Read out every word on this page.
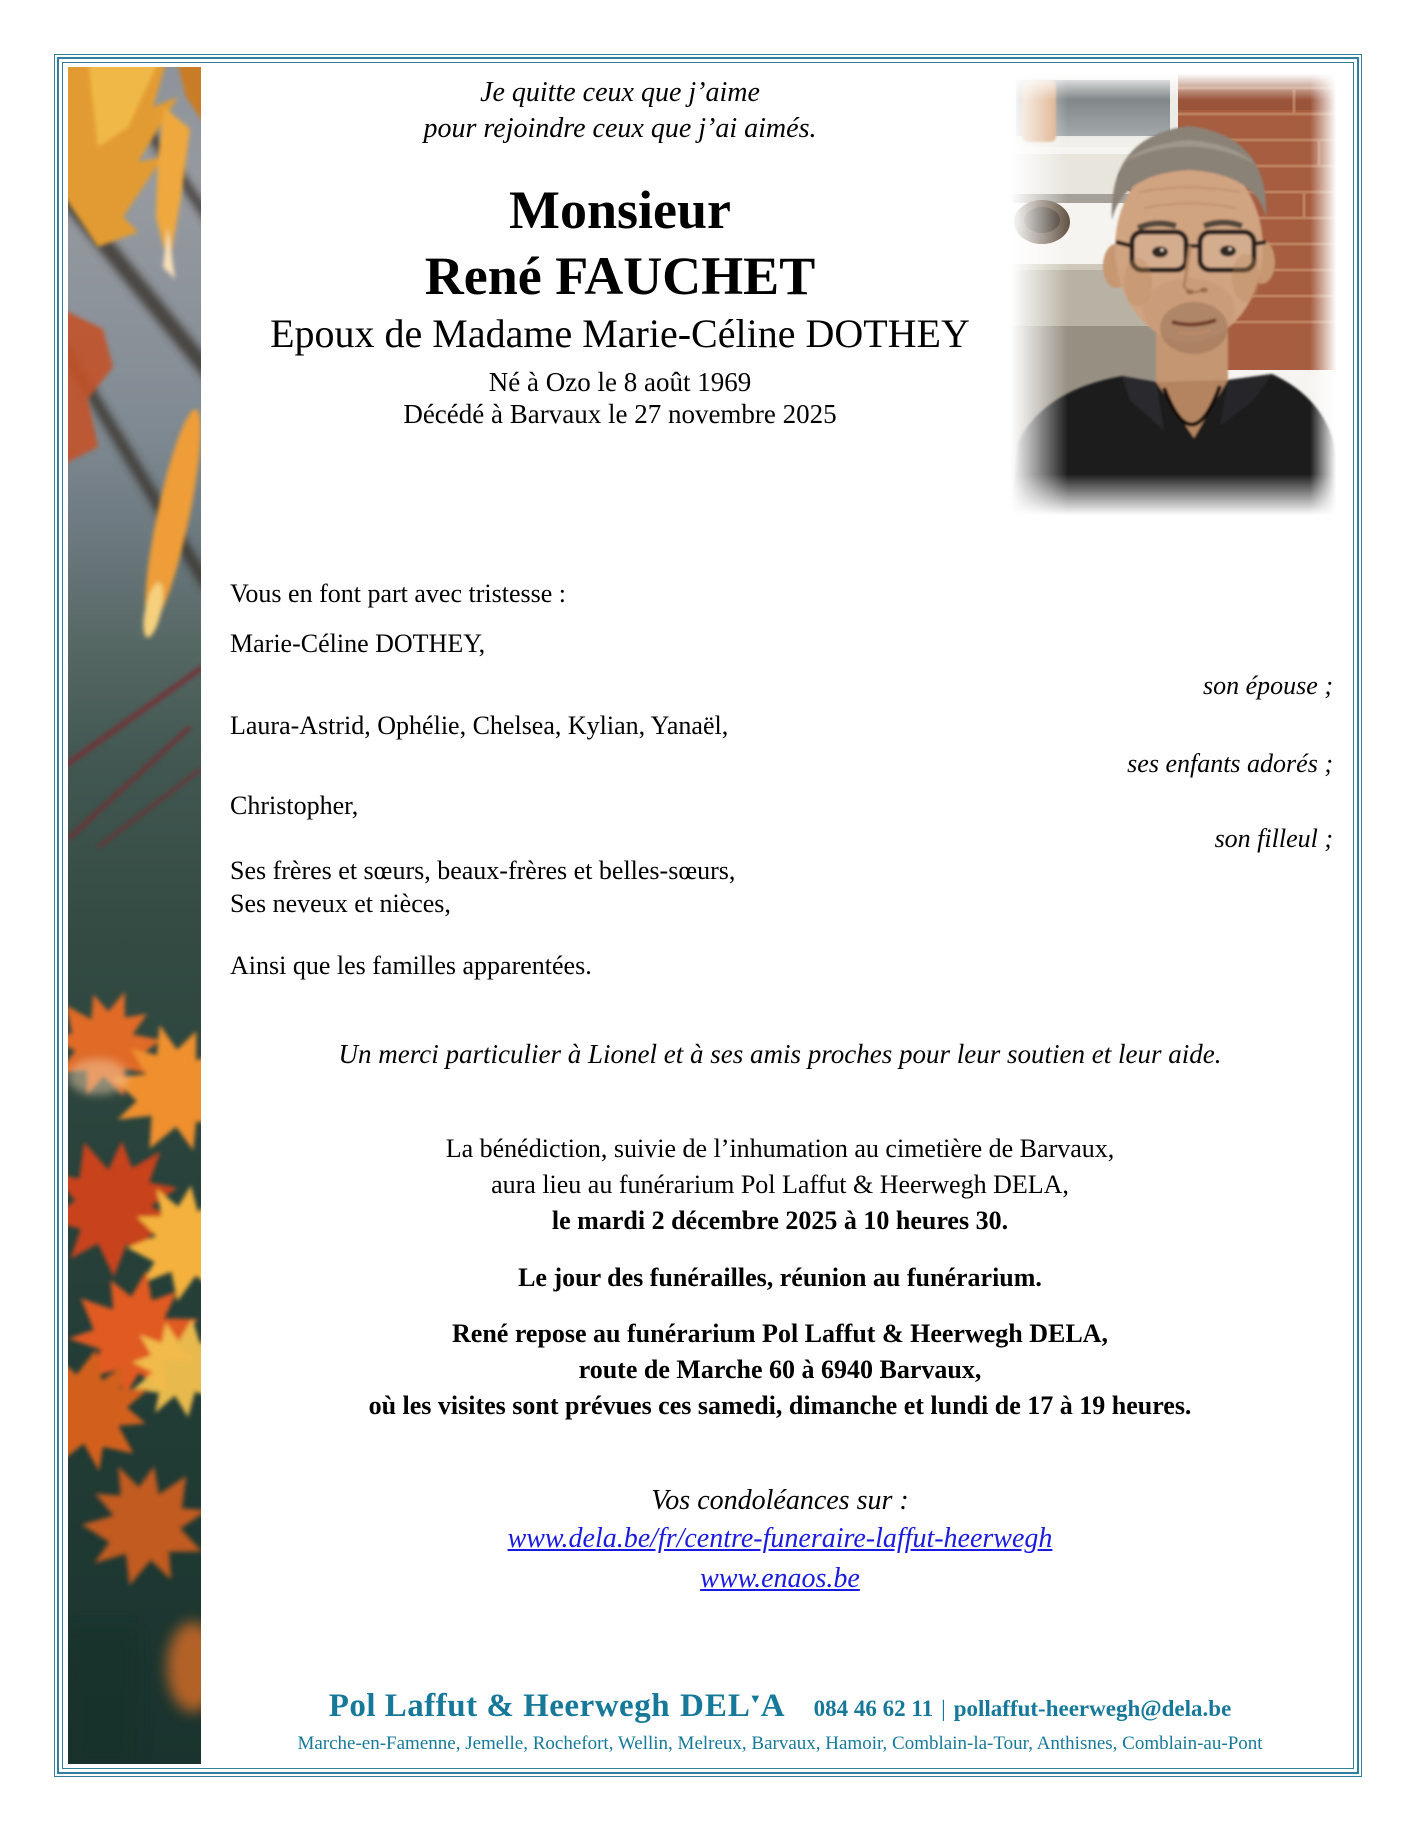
Je quitte ceux que j’aime
pour rejoindre ceux que j’ai aimés.
Monsieur
René FAUCHET
Epoux de Madame Marie-Céline DOTHEY
Né à Ozo le 8 août 1969
Décédé à Barvaux le 27 novembre 2025
Vous en font part avec tristesse :
Marie-Céline DOTHEY,
son épouse ;
Laura-Astrid, Ophélie, Chelsea, Kylian, Yanaël,
ses enfants adorés ;
Christopher,
son filleul ;
Ses frères et sœurs, beaux-frères et belles-sœurs,
Ses neveux et nièces,
Ainsi que les familles apparentées.
Un merci particulier à Lionel et à ses amis proches pour leur soutien et leur aide.
La bénédiction, suivie de l’inhumation au cimetière de Barvaux,
aura lieu au funérarium Pol Laffut & Heerwegh DELA,
le mardi 2 décembre 2025 à 10 heures 30.
Le jour des funérailles, réunion au funérarium.
René repose au funérarium Pol Laffut & Heerwegh DELA,
route de Marche 60 à 6940 Barvaux,
où les visites sont prévues ces samedi, dimanche et lundi de 17 à 19 heures.
Vos condoléances sur :
www.dela.be/fr/centre-funeraire-laffut-heerwegh
www.enaos.be
Pol Laffut & Heerwegh DEL▼A 084 46 62 11 | pollaffut-heerwegh@dela.be
Marche-en-Famenne, Jemelle, Rochefort, Wellin, Melreux, Barvaux, Hamoir, Comblain-la-Tour, Anthisnes, Comblain-au-Pont
